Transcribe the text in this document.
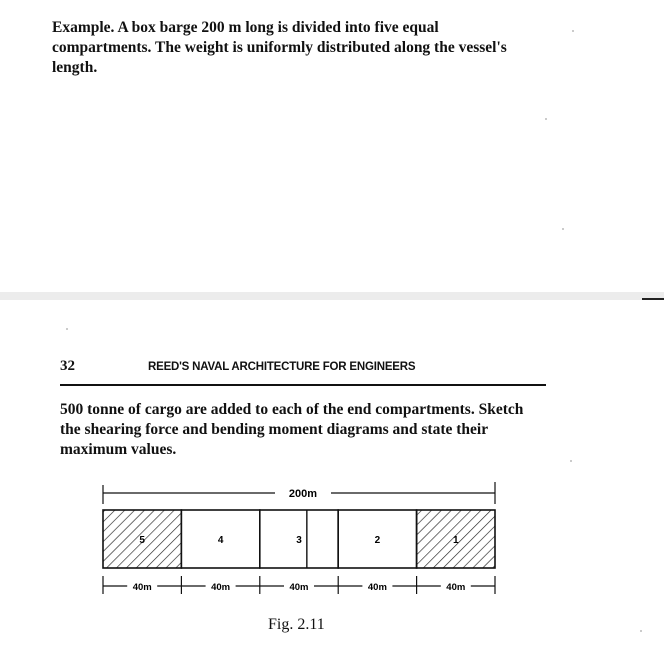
Example. A box barge 200 m long is divided into five equal compartments. The weight is uniformly distributed along the vessel's length.

32	REED'S NAVAL ARCHITECTURE FOR ENGINEERS

500 tonne of cargo are added to each of the end compartments. Sketch the shearing force and bending moment diagrams and state their maximum values.

200m
5	4	3	2	1
40m	40m	40m	40m	40m
Fig. 2.11
